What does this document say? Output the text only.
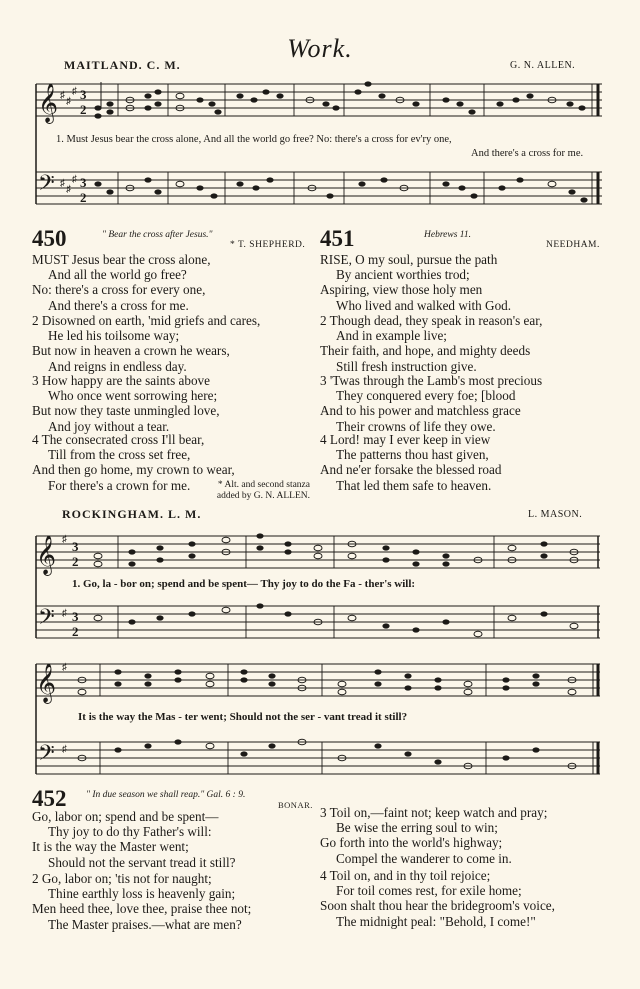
Work.
MAITLAND. C. M.	G. N. ALLEN.
𝄞
𝄢
♯
♯
♯
♯
♯
♯
3
2
3
2
1. Must Jesus bear the cross alone, And all the world go free? No: there's a cross for ev'ry one,
And there's a cross for me.
450	" Bear the cross after Jesus."
* T. SHEPHERD.
MUST Jesus bear the cross alone,
And all the world go free?
No: there's a cross for every one,
And there's a cross for me.
2 Disowned on earth, 'mid griefs and cares,
He led his toilsome way;
But now in heaven a crown he wears,
And reigns in endless day.
3 How happy are the saints above
Who once went sorrowing here;
But now they taste unmingled love,
And joy without a tear.
4 The consecrated cross I'll bear,
Till from the cross set free,
And then go home, my crown to wear,
For there's a crown for me.	* Alt. and second stanza
added by G. N. ALLEN.
451	Hebrews 11.
NEEDHAM.
RISE, O my soul, pursue the path
By ancient worthies trod;
Aspiring, view those holy men
Who lived and walked with God.
2 Though dead, they speak in reason's ear,
And in example live;
Their faith, and hope, and mighty deeds
Still fresh instruction give.
3 'Twas through the Lamb's most precious
They conquered every foe; [blood
And to his power and matchless grace
Their crowns of life they owe.
4 Lord! may I ever keep in view
The patterns thou hast given,
And ne'er forsake the blessed road
That led them safe to heaven.
ROCKINGHAM. L. M.	L. MASON.
𝄞
𝄢
♯
♯
3
2
3
2
1. Go, la - bor on; spend and be spent— Thy joy to do the Fa - ther's will:
𝄞
𝄢
♯
♯
It is the way the Mas - ter went; Should not the ser - vant tread it still?
452 " In due season we shall reap." Gal. 6 : 9.
BONAR.
Go, labor on; spend and be spent—
Thy joy to do thy Father's will:
It is the way the Master went;
Should not the servant tread it still?
2 Go, labor on; 'tis not for naught;
Thine earthly loss is heavenly gain;
Men heed thee, love thee, praise thee not;
The Master praises.—what are men?
3 Toil on,—faint not; keep watch and pray;
Be wise the erring soul to win;
Go forth into the world's highway;
Compel the wanderer to come in.
4 Toil on, and in thy toil rejoice;
For toil comes rest, for exile home;
Soon shalt thou hear the bridegroom's voice,
The midnight peal: "Behold, I come!"
